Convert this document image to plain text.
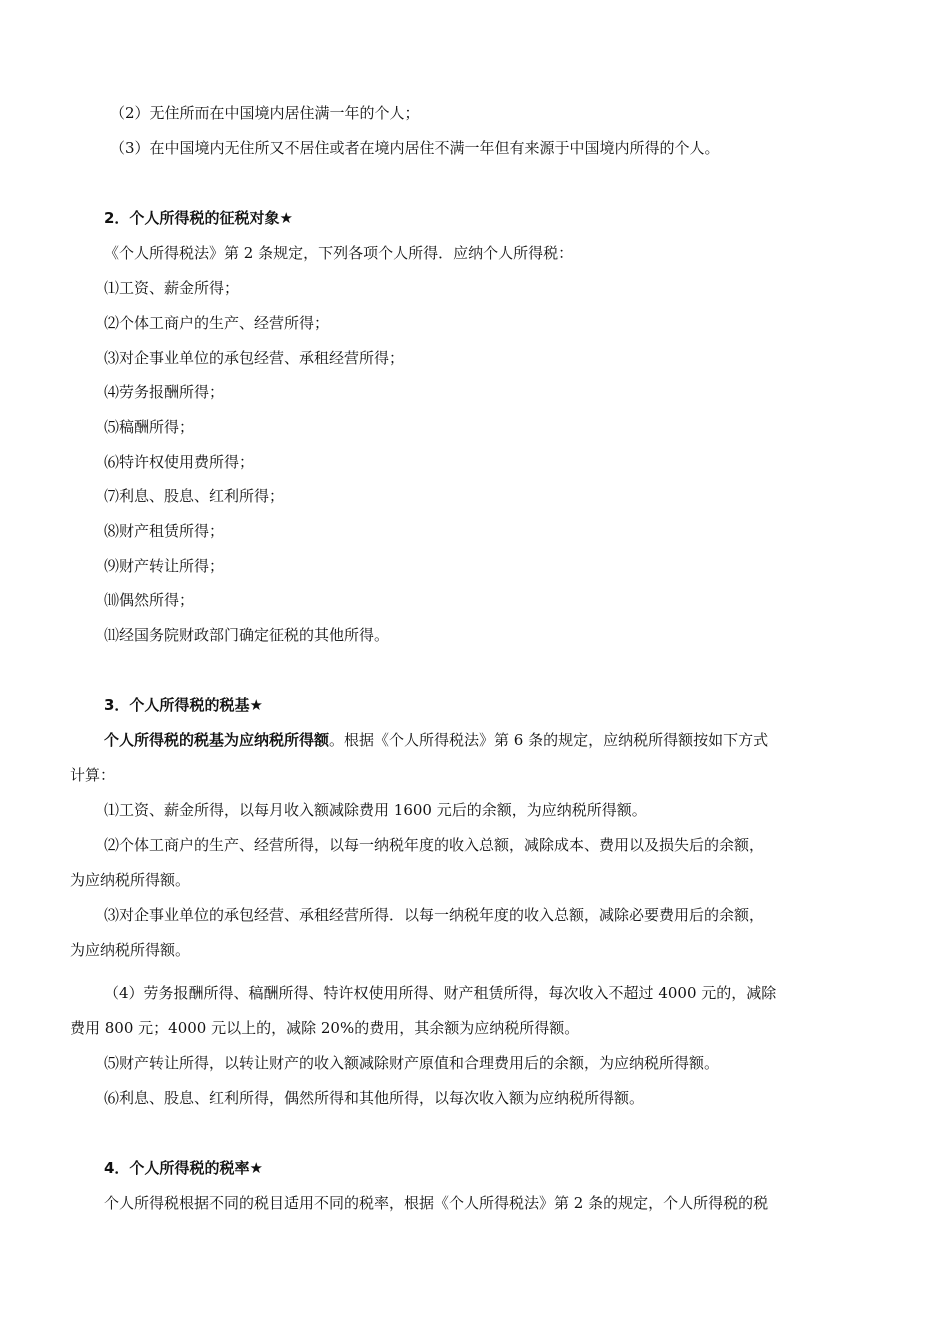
（2）无住所而在中国境内居住满一年的个人；
（3）在中国境内无住所又不居住或者在境内居住不满一年但有来源于中国境内所得的个人。
2．个人所得税的征税对象★
《个人所得税法》第 2 条规定，下列各项个人所得．应纳个人所得税：
⑴工资、薪金所得；
⑵个体工商户的生产、经营所得；
⑶对企事业单位的承包经营、承租经营所得；
⑷劳务报酬所得；
⑸稿酬所得；
⑹特许权使用费所得；
⑺利息、股息、红利所得；
⑻财产租赁所得；
⑼财产转让所得；
⑽偶然所得；
⑾经国务院财政部门确定征税的其他所得。
3．个人所得税的税基★
个人所得税的税基为应纳税所得额。根据《个人所得税法》第 6 条的规定，应纳税所得额按如下方式
计算：
⑴工资、薪金所得，以每月收入额减除费用 1600 元后的余额，为应纳税所得额。
⑵个体工商户的生产、经营所得，以每一纳税年度的收入总额，减除成本、费用以及损失后的余额，
为应纳税所得额。
⑶对企事业单位的承包经营、承租经营所得．以每一纳税年度的收入总额，减除必要费用后的余额，
为应纳税所得额。
（4）劳务报酬所得、稿酬所得、特许权使用所得、财产租赁所得，每次收入不超过 4000 元的，减除
费用 800 元；4000 元以上的，减除 20%的费用，其余额为应纳税所得额。
⑸财产转让所得，以转让财产的收入额减除财产原值和合理费用后的余额，为应纳税所得额。
⑹利息、股息、红利所得，偶然所得和其他所得，以每次收入额为应纳税所得额。
4．个人所得税的税率★
个人所得税根据不同的税目适用不同的税率，根据《个人所得税法》第 2 条的规定，个人所得税的税
